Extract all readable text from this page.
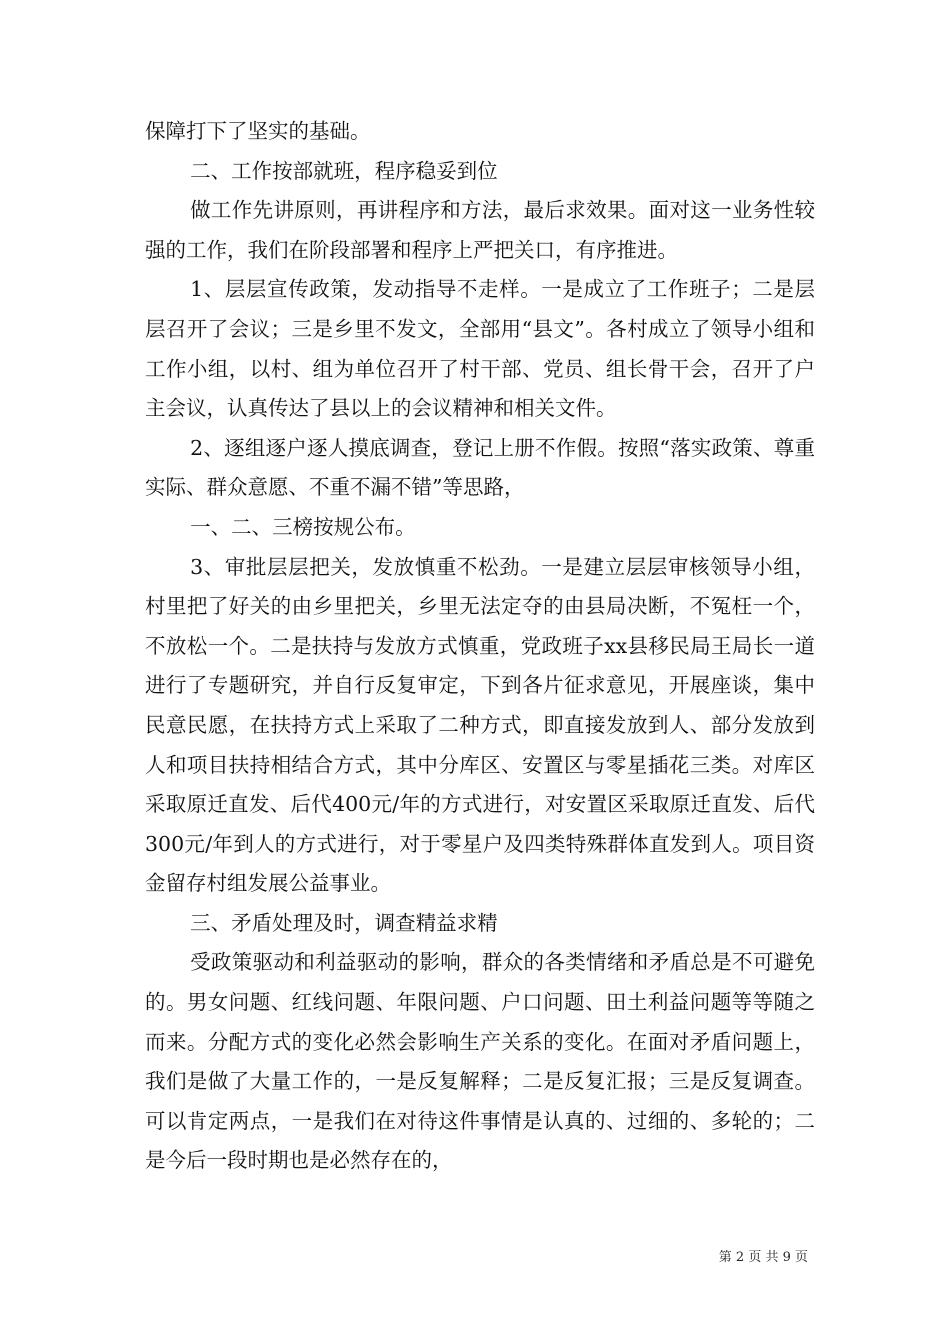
保障打下了坚实的基础。

二、工作按部就班，程序稳妥到位

做工作先讲原则，再讲程序和方法，最后求效果。面对这一业务性较强的工作，我们在阶段部署和程序上严把关口，有序推进。

1、层层宣传政策，发动指导不走样。一是成立了工作班子；二是层层召开了会议；三是乡里不发文，全部用“县文”。各村成立了领导小组和工作小组，以村、组为单位召开了村干部、党员、组长骨干会，召开了户主会议，认真传达了县以上的会议精神和相关文件。

2、逐组逐户逐人摸底调查，登记上册不作假。按照“落实政策、尊重实际、群众意愿、不重不漏不错”等思路，

一、二、三榜按规公布。

3、审批层层把关，发放慎重不松劲。一是建立层层审核领导小组，村里把了好关的由乡里把关，乡里无法定夺的由县局决断，不冤枉一个，不放松一个。二是扶持与发放方式慎重，党政班子xx县移民局王局长一道进行了专题研究，并自行反复审定，下到各片征求意见，开展座谈，集中民意民愿，在扶持方式上采取了二种方式，即直接发放到人、部分发放到人和项目扶持相结合方式，其中分库区、安置区与零星插花三类。对库区采取原迁直发、后代400元/年的方式进行，对安置区采取原迁直发、后代300元/年到人的方式进行，对于零星户及四类特殊群体直发到人。项目资金留存村组发展公益事业。

三、矛盾处理及时，调查精益求精

受政策驱动和利益驱动的影响，群众的各类情绪和矛盾总是不可避免的。男女问题、红线问题、年限问题、户口问题、田土利益问题等等随之而来。分配方式的变化必然会影响生产关系的变化。在面对矛盾问题上，我们是做了大量工作的，一是反复解释；二是反复汇报；三是反复调查。可以肯定两点，一是我们在对待这件事情是认真的、过细的、多轮的；二是今后一段时期也是必然存在的，

第 2 页 共 9 页
